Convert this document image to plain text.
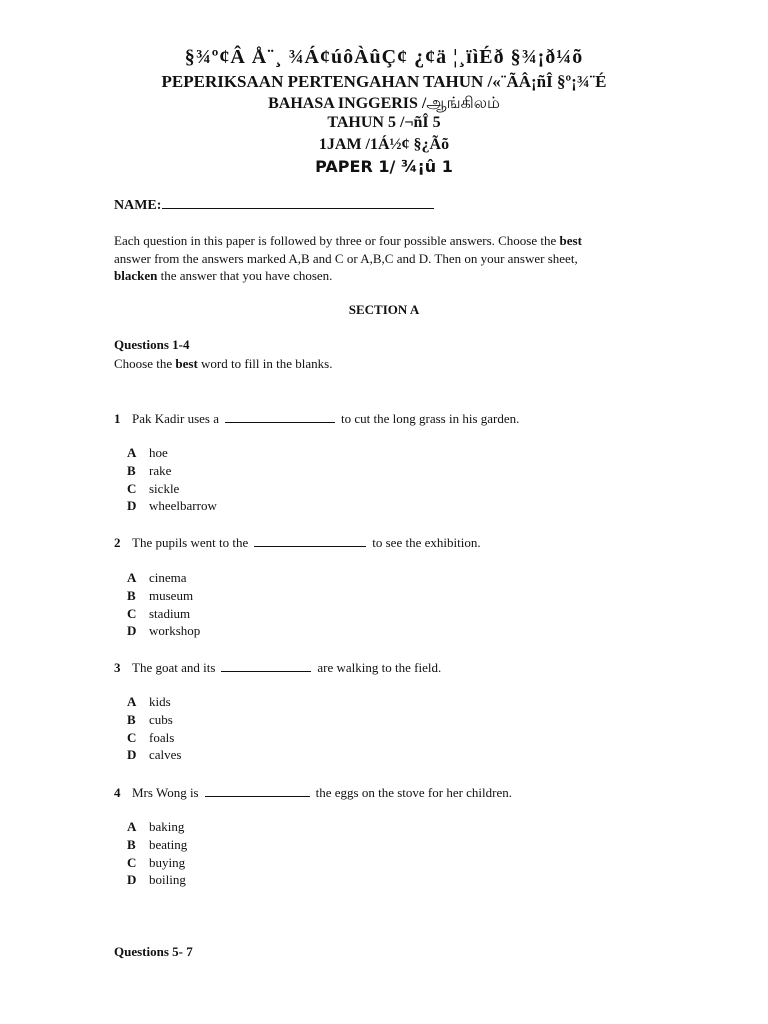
§¾º¢Â Å¨¸ ¾Á¢úôÀûÇ¢ ¿¢ä ¦¸ïìÉð §¾¡ð¼õ
PEPERIKSAAN PERTENGAHAN TAHUN /«¨ÃÂ¡ñÎ §º¡¾¨É
BAHASA INGGERIS /ஆங்கிலம்
TAHUN 5 /¬ñÎ 5
1JAM /1Á½¢ §¿Ãõ
PAPER 1/ ¾¡û 1
NAME:
Each question in this paper is followed by three or four possible answers. Choose the best
answer from the answers marked A,B and C or A,B,C and D. Then on your answer sheet,
blacken the answer that you have chosen.
SECTION A
Questions 1-4
Choose the best word to fill in the blanks.
1 Pak Kadir uses a	to cut the long grass in his garden.
A hoe
B rake
C sickle
D wheelbarrow
2 The pupils went to the	to see the exhibition.
A cinema
B museum
C stadium
D workshop
3 The goat and its	are walking to the field.
A kids
B cubs
C foals
D calves
4 Mrs Wong is	the eggs on the stove for her children.
A baking
B beating
C buying
D boiling
Questions 5- 7
